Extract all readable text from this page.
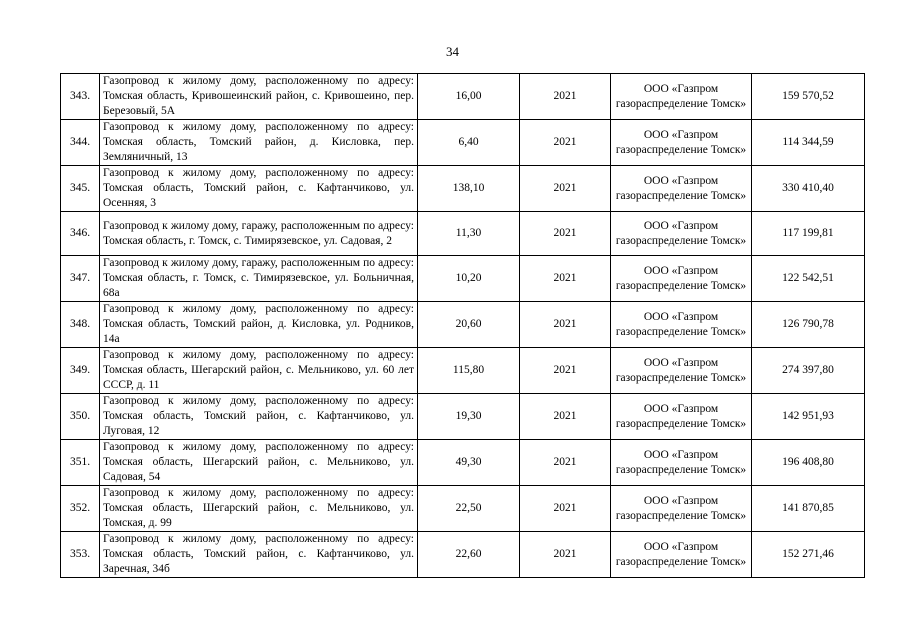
34
343.	Газопровод к жилому дому, расположенному по адресу: Томская область, Кривошеинский район, с. Кривошеино, пер. Березовый, 5А	16,00	2021	ООО «Газпром газораспределение Томск»	159 570,52
344.	Газопровод к жилому дому, расположенному по адресу: Томская область, Томский район, д. Кисловка, пер. Земляничный, 13	6,40	2021	ООО «Газпром газораспределение Томск»	114 344,59
345.	Газопровод к жилому дому, расположенному по адресу: Томская область, Томский район, с. Кафтанчиково, ул. Осенняя, 3	138,10	2021	ООО «Газпром газораспределение Томск»	330 410,40
346.	Газопровод к жилому дому, гаражу, расположенным по адресу: Томская область, г. Томск, с. Тимирязевское, ул. Садовая, 2	11,30	2021	ООО «Газпром газораспределение Томск»	117 199,81
347.	Газопровод к жилому дому, гаражу, расположенным по адресу: Томская область, г. Томск, с. Тимирязевское, ул. Больничная, 68а	10,20	2021	ООО «Газпром газораспределение Томск»	122 542,51
348.	Газопровод к жилому дому, расположенному по адресу: Томская область, Томский район, д. Кисловка, ул. Родников, 14а	20,60	2021	ООО «Газпром газораспределение Томск»	126 790,78
349.	Газопровод к жилому дому, расположенному по адресу: Томская область, Шегарский район, с. Мельниково, ул. 60 лет СССР, д. 11	115,80	2021	ООО «Газпром газораспределение Томск»	274 397,80
350.	Газопровод к жилому дому, расположенному по адресу: Томская область, Томский район, с. Кафтанчиково, ул. Луговая, 12	19,30	2021	ООО «Газпром газораспределение Томск»	142 951,93
351.	Газопровод к жилому дому, расположенному по адресу: Томская область, Шегарский район, с. Мельниково, ул. Садовая, 54	49,30	2021	ООО «Газпром газораспределение Томск»	196 408,80
352.	Газопровод к жилому дому, расположенному по адресу: Томская область, Шегарский район, с. Мельниково, ул. Томская, д. 99	22,50	2021	ООО «Газпром газораспределение Томск»	141 870,85
353.	Газопровод к жилому дому, расположенному по адресу: Томская область, Томский район, с. Кафтанчиково, ул. Заречная, 34б	22,60	2021	ООО «Газпром газораспределение Томск»	152 271,46
